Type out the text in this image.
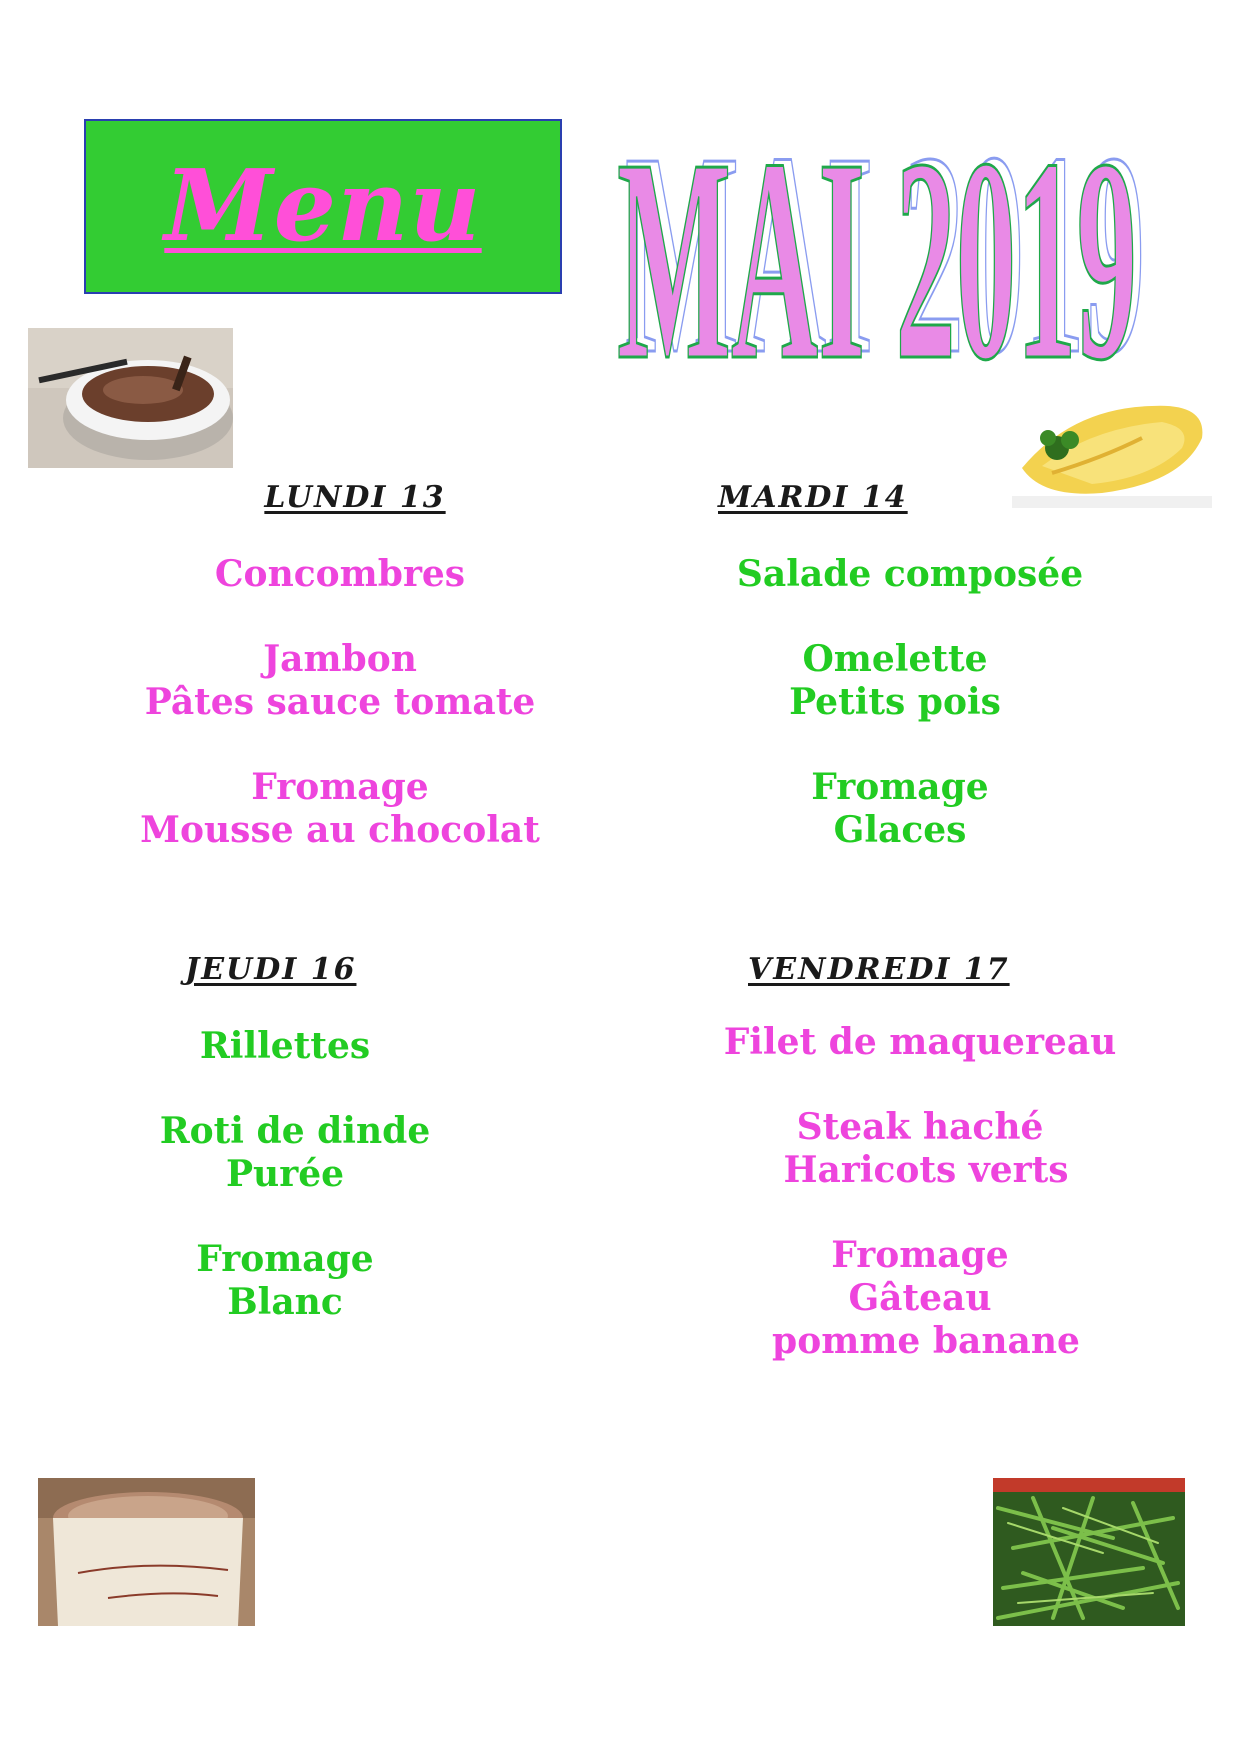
Menu MAI 2019
MAI 2019
LUNDI 13
Concombres
Jambon
Pâtes sauce tomate
Fromage
Mousse au chocolat
MARDI 14
Salade composée
Omelette
Petits pois
Fromage
Glaces
JEUDI 16
Rillettes
Roti de dinde
Purée
Fromage
Blanc
VENDREDI 17
Filet de maquereau
Steak haché
Haricots verts
Fromage
Gâteau
pomme banane
